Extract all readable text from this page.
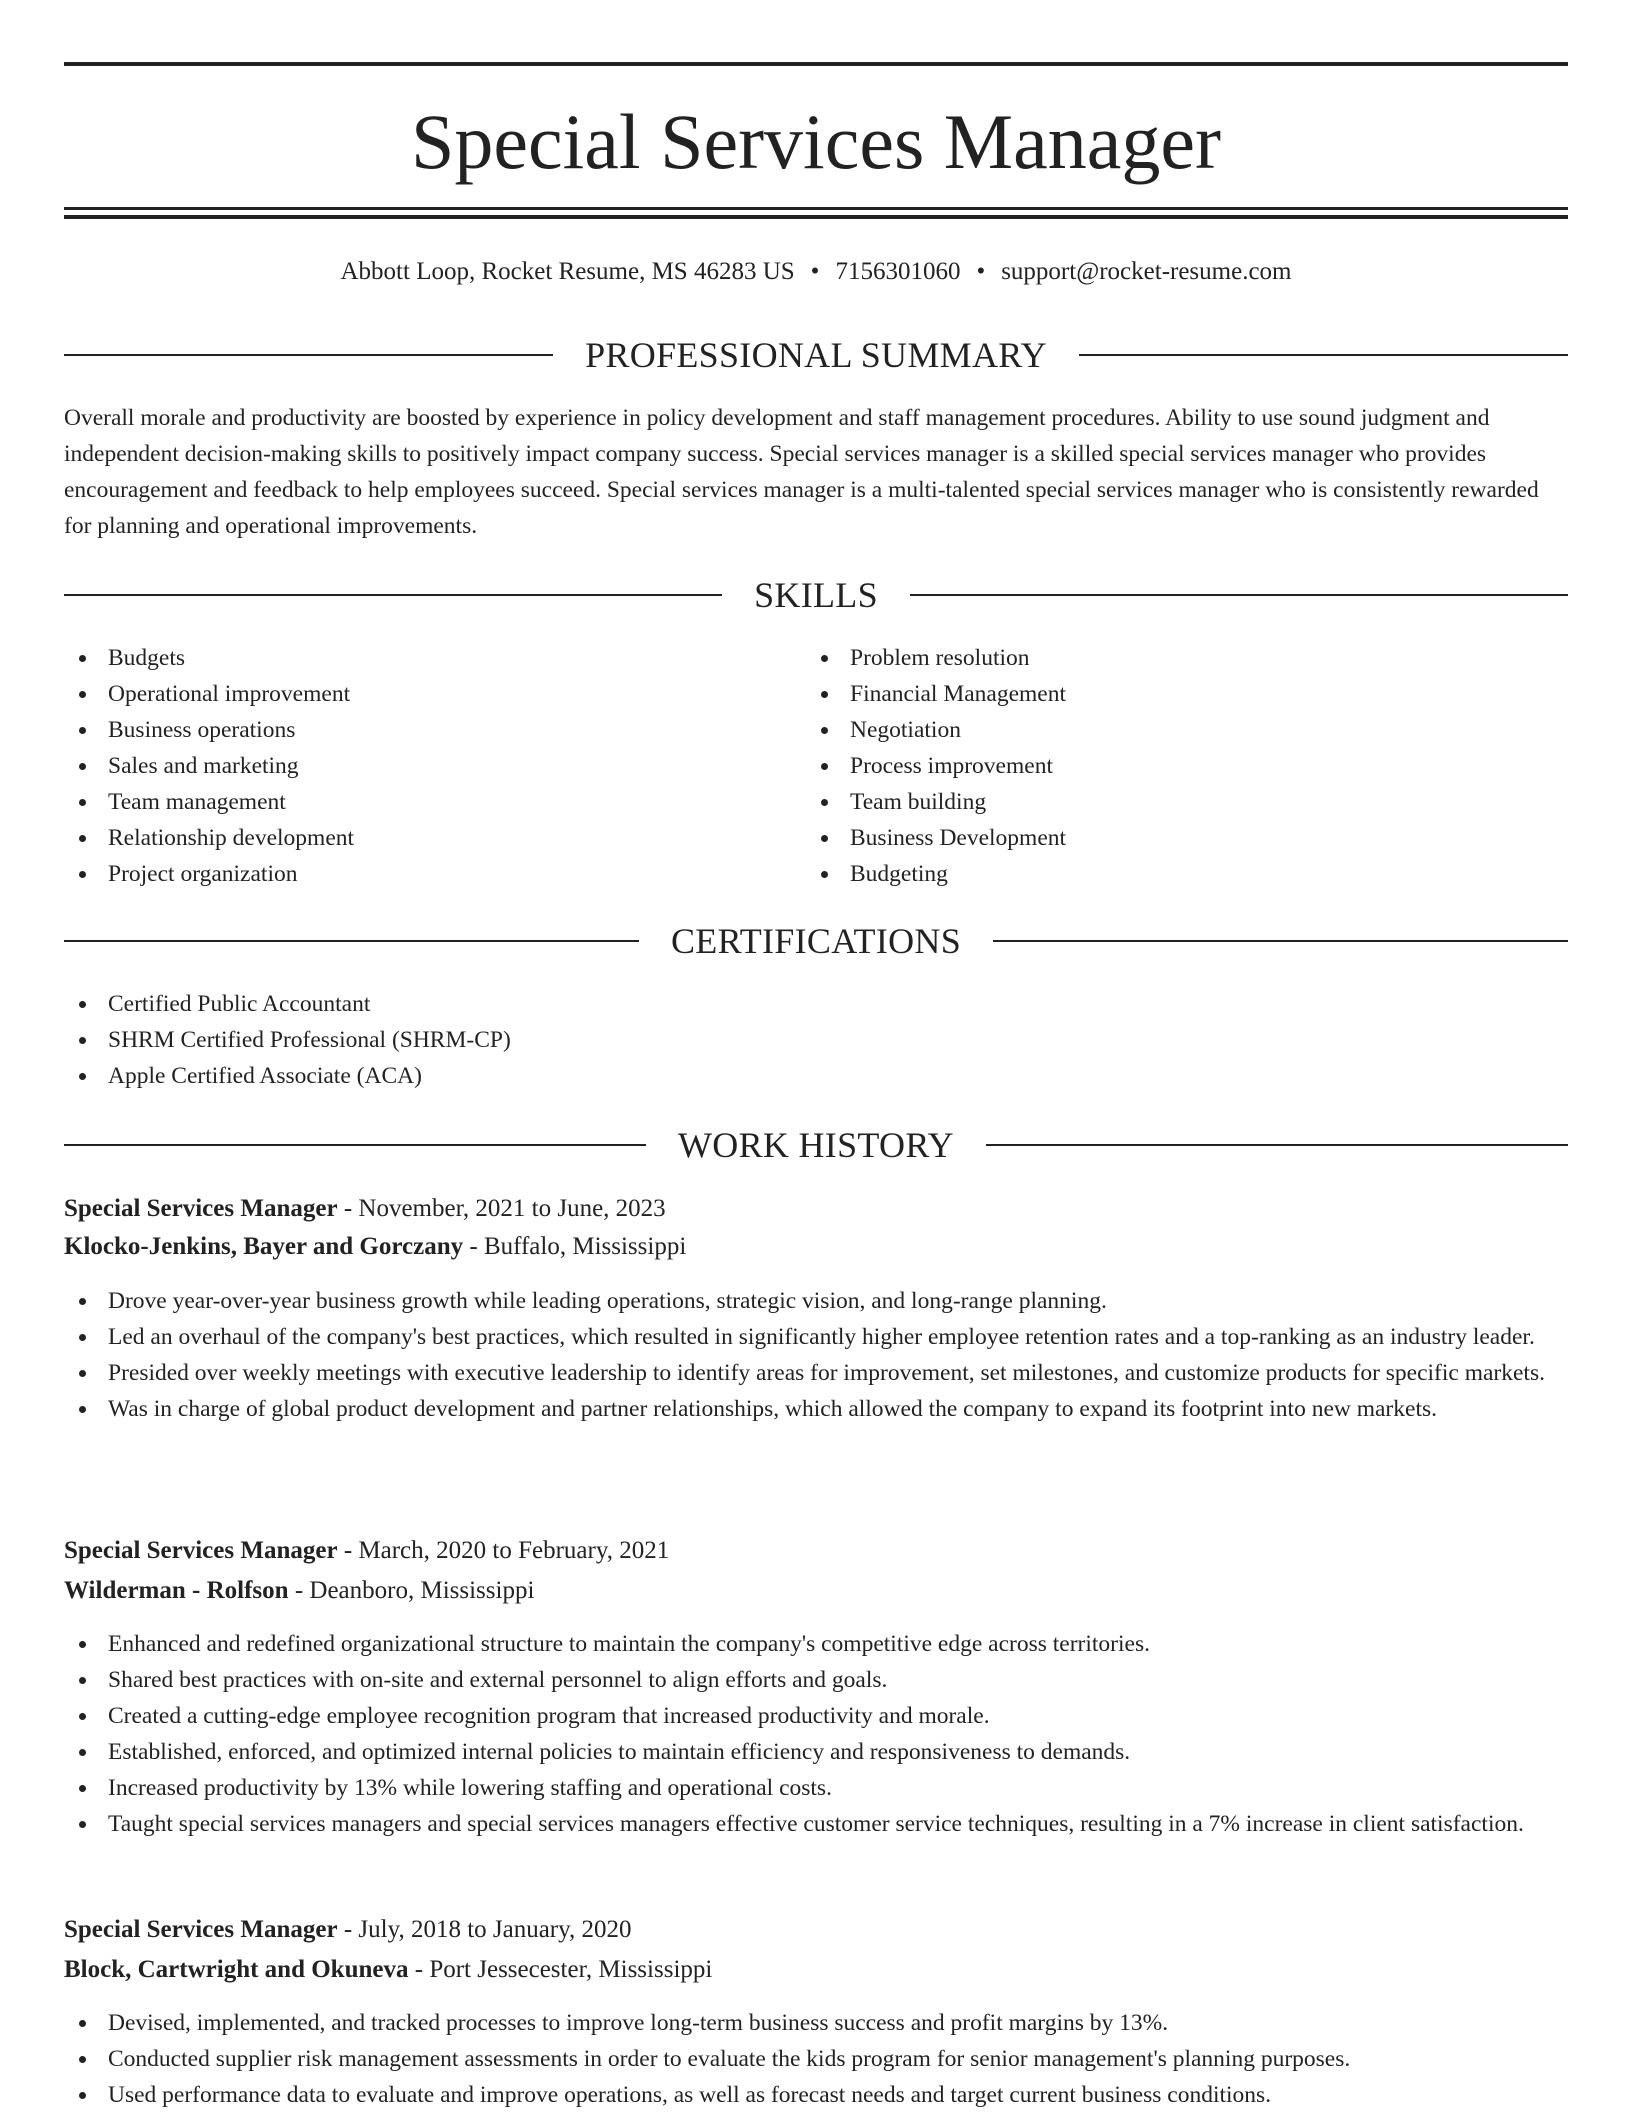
Special Services Manager
Abbott Loop, Rocket Resume, MS 46283 US • 7156301060 • support@rocket-resume.com
PROFESSIONAL SUMMARY

Overall morale and productivity are boosted by experience in policy development and staff management procedures. Ability to use sound judgment and independent decision-making skills to positively impact company success. Special services manager is a skilled special services manager who provides encouragement and feedback to help employees succeed. Special services manager is a multi-talented special services manager who is consistently rewarded for planning and operational improvements.

SKILLS
Budgets
Operational improvement
Business operations
Sales and marketing
Team management
Relationship development
Project organization
Problem resolution
Financial Management
Negotiation
Process improvement
Team building
Business Development
Budgeting
CERTIFICATIONS
Certified Public Accountant
SHRM Certified Professional (SHRM-CP)
Apple Certified Associate (ACA)
WORK HISTORY
Special Services Manager - November, 2021 to June, 2023
Klocko-Jenkins, Bayer and Gorczany - Buffalo, Mississippi
Drove year-over-year business growth while leading operations, strategic vision, and long-range planning.
Led an overhaul of the company's best practices, which resulted in significantly higher employee retention rates and a top-ranking as an industry leader.
Presided over weekly meetings with executive leadership to identify areas for improvement, set milestones, and customize products for specific markets.
Was in charge of global product development and partner relationships, which allowed the company to expand its footprint into new markets.
Special Services Manager - March, 2020 to February, 2021
Wilderman - Rolfson - Deanboro, Mississippi
Enhanced and redefined organizational structure to maintain the company's competitive edge across territories.
Shared best practices with on-site and external personnel to align efforts and goals.
Created a cutting-edge employee recognition program that increased productivity and morale.
Established, enforced, and optimized internal policies to maintain efficiency and responsiveness to demands.
Increased productivity by 13% while lowering staffing and operational costs.
Taught special services managers and special services managers effective customer service techniques, resulting in a 7% increase in client satisfaction.
Special Services Manager - July, 2018 to January, 2020
Block, Cartwright and Okuneva - Port Jessecester, Mississippi
Devised, implemented, and tracked processes to improve long-term business success and profit margins by 13%.
Conducted supplier risk management assessments in order to evaluate the kids program for senior management's planning purposes.
Used performance data to evaluate and improve operations, as well as forecast needs and target current business conditions.
